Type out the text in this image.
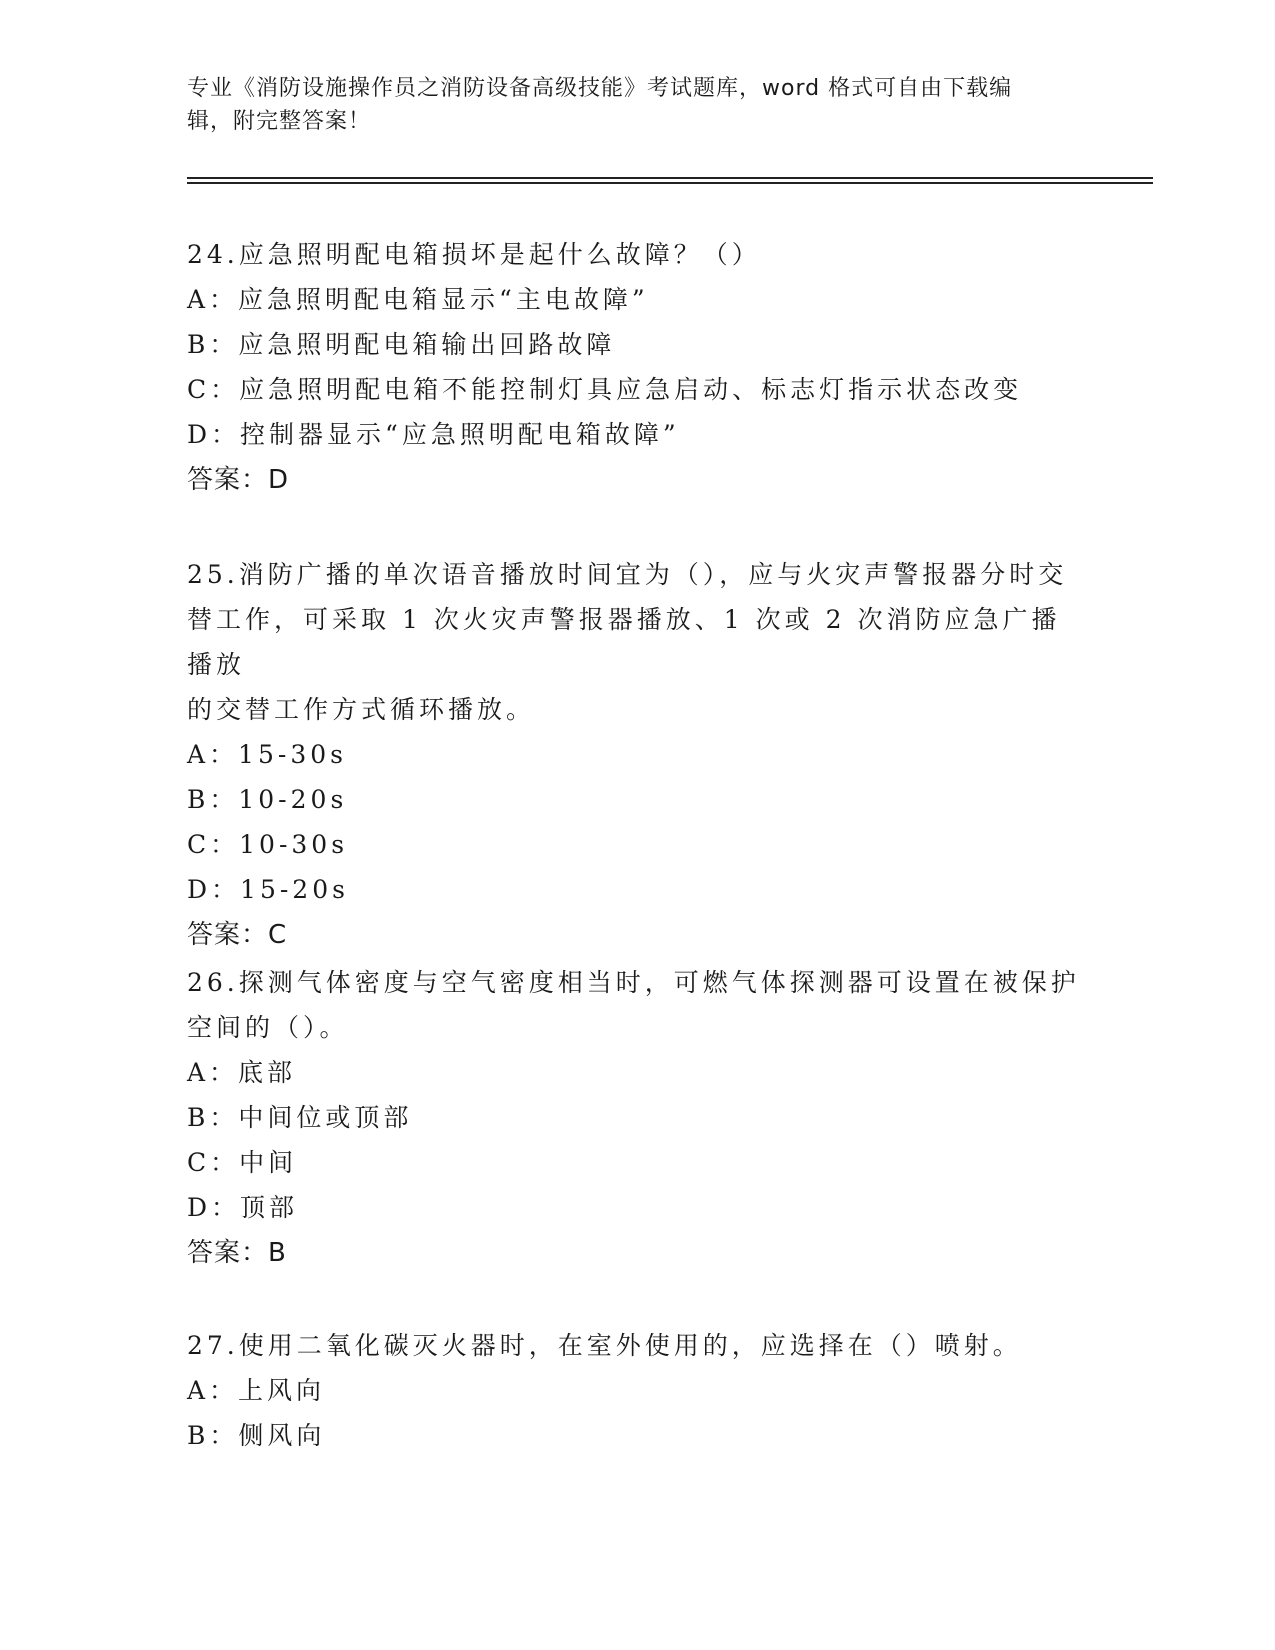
专业《消防设施操作员之消防设备高级技能》考试题库，word 格式可自由下载编
辑，附完整答案！
24.应急照明配电箱损坏是起什么故障？（）
A：应急照明配电箱显示“主电故障”
B：应急照明配电箱输出回路故障
C：应急照明配电箱不能控制灯具应急启动、标志灯指示状态改变
D：控制器显示“应急照明配电箱故障”
答案：D
25.消防广播的单次语音播放时间宜为（），应与火灾声警报器分时交
替工作，可采取 1 次火灾声警报器播放、1 次或 2 次消防应急广播播放
的交替工作方式循环播放。
A：15-30s
B：10-20s
C：10-30s
D：15-20s
答案：C
26.探测气体密度与空气密度相当时，可燃气体探测器可设置在被保护
空间的（）。
A：底部
B：中间位或顶部
C：中间
D：顶部
答案：B
27.使用二氧化碳灭火器时，在室外使用的，应选择在（）喷射。
A：上风向
B：侧风向
